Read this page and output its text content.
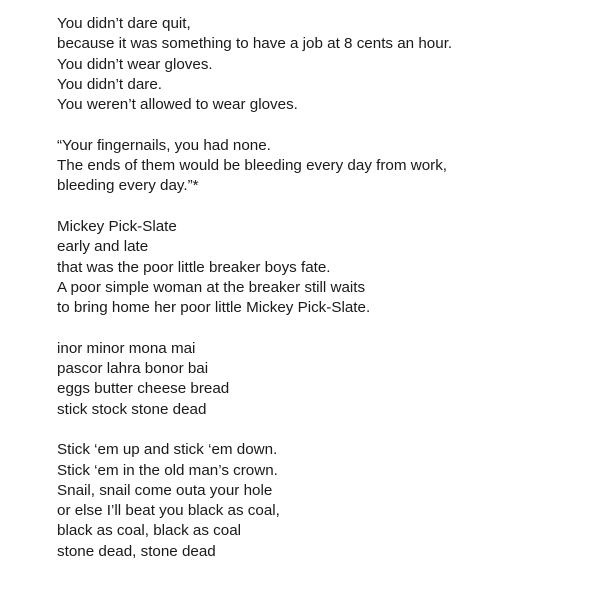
You didn’t dare quit,
because it was something to have a job at 8 cents an hour.
You didn’t wear gloves.
You didn’t dare.
You weren’t allowed to wear gloves.
“Your fingernails, you had none.
The ends of them would be bleeding every day from work,
bleeding every day.”*
Mickey Pick-Slate
early and late
that was the poor little breaker boys fate.
A poor simple woman at the breaker still waits
to bring home her poor little Mickey Pick-Slate.
inor minor mona mai
pascor lahra bonor bai
eggs butter cheese bread
stick stock stone dead
Stick ‘em up and stick ‘em down.
Stick ‘em in the old man’s crown.
Snail, snail come outa your hole
or else I’ll beat you black as coal,
black as coal, black as coal
stone dead, stone dead
